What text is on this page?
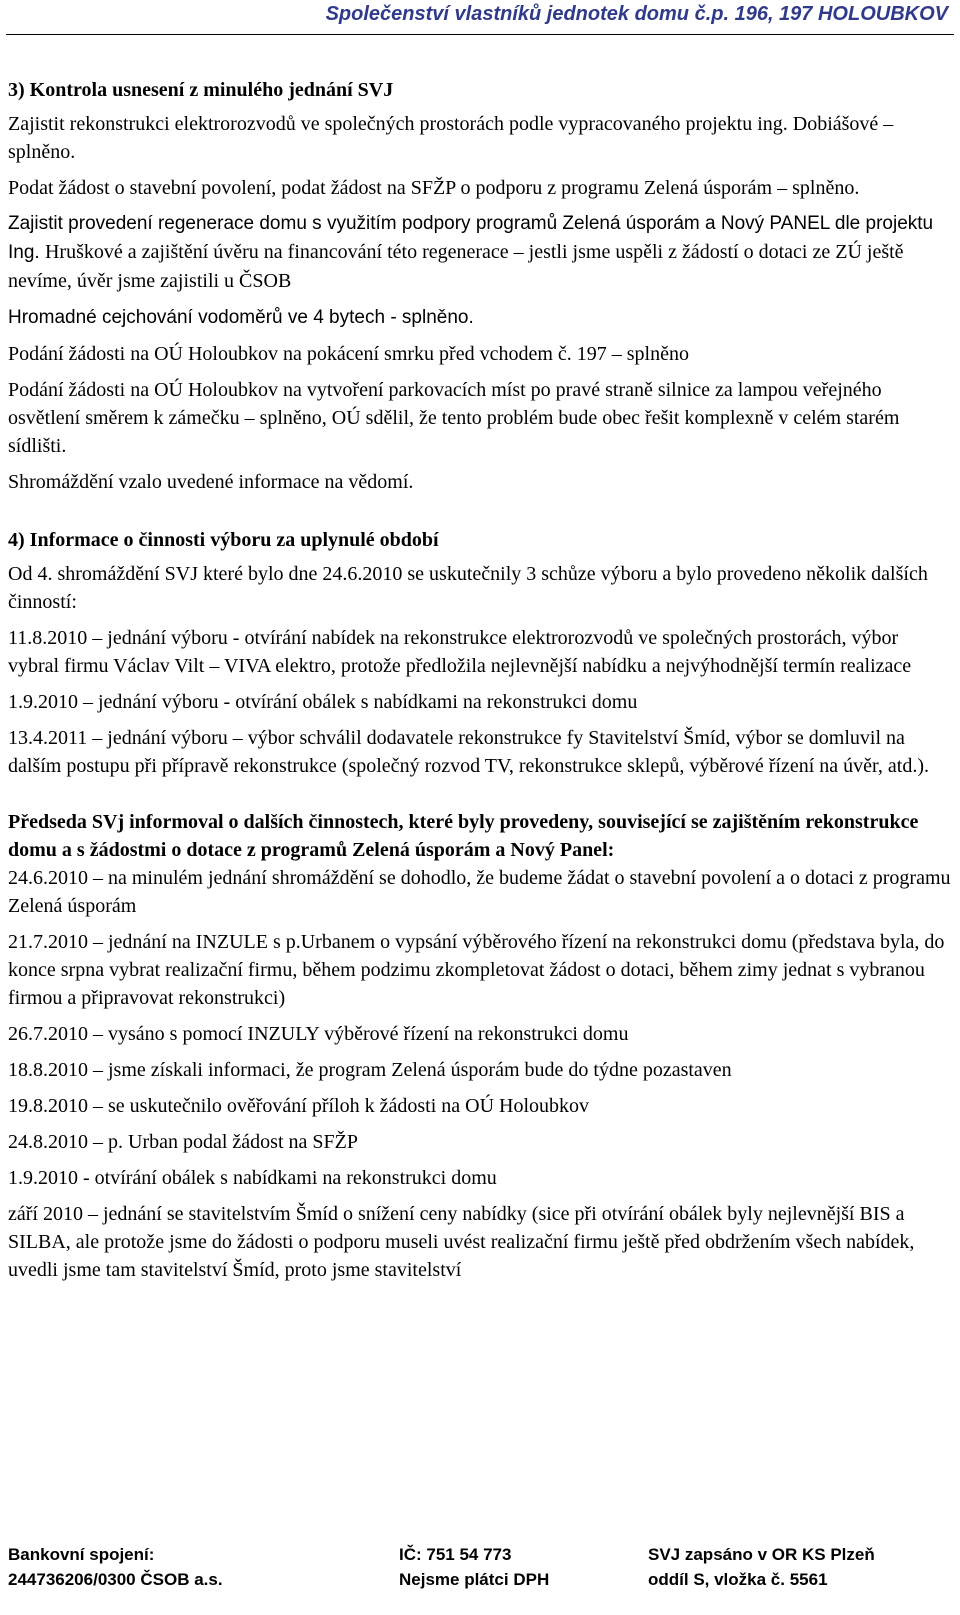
Společenství vlastníků jednotek domu č.p. 196, 197 HOLOUBKOV
3) Kontrola usnesení z minulého jednání SVJ

Zajistit rekonstrukci elektrorozvodů ve společných prostorách podle vypracovaného projektu ing. Dobiášové – splněno.

Podat žádost o stavební povolení, podat žádost na SFŽP o podporu z programu Zelená úsporám – splněno.

Zajistit provedení regenerace domu s využitím podpory programů Zelená úsporám a Nový PANEL dle projektu Ing. Hruškové a zajištění úvěru na financování této regenerace – jestli jsme uspěli z žádostí o dotaci ze ZÚ ještě nevíme, úvěr jsme zajistili u ČSOB

Hromadné cejchování vodoměrů ve 4 bytech - splněno.

Podání žádosti na OÚ Holoubkov na pokácení smrku před vchodem č. 197 – splněno

Podání žádosti na OÚ Holoubkov na vytvoření parkovacích míst po pravé straně silnice za lampou veřejného osvětlení směrem k zámečku – splněno, OÚ sdělil, že tento problém bude obec řešit komplexně v celém starém sídlišti.

Shromáždění vzalo uvedené informace na vědomí.

4) Informace o činnosti výboru za uplynulé období

Od 4. shromáždění SVJ které bylo dne 24.6.2010 se uskutečnily 3 schůze výboru a bylo provedeno několik dalších činností:

11.8.2010 – jednání výboru - otvírání nabídek na rekonstrukce elektrorozvodů ve společných prostorách, výbor vybral firmu Václav Vilt – VIVA elektro, protože předložila nejlevnější nabídku a nejvýhodnější termín realizace

1.9.2010 – jednání výboru - otvírání obálek s nabídkami na rekonstrukci domu

13.4.2011 – jednání výboru – výbor schválil dodavatele rekonstrukce fy Stavitelství Šmíd, výbor se domluvil na dalším postupu při přípravě rekonstrukce (společný rozvod TV, rekonstrukce sklepů, výběrové řízení na úvěr, atd.).

Předseda SVj informoval o dalších činnostech, které byly provedeny, související se zajištěním rekonstrukce domu a s žádostmi o dotace z programů Zelená úsporám a Nový Panel:

24.6.2010 – na minulém jednání shromáždění se dohodlo, že budeme žádat o stavební povolení a o dotaci z programu Zelená úsporám

21.7.2010 – jednání na INZULE s p.Urbanem o vypsání výběrového řízení na rekonstrukci domu (představa byla, do konce srpna vybrat realizační firmu, během podzimu zkompletovat žádost o dotaci, během zimy jednat s vybranou firmou a připravovat rekonstrukci)

26.7.2010 – vysáno s pomocí INZULY výběrové řízení na rekonstrukci domu

18.8.2010 – jsme získali informaci, že program Zelená úsporám bude do týdne pozastaven

19.8.2010 – se uskutečnilo ověřování příloh k žádosti na OÚ Holoubkov

24.8.2010 – p. Urban podal žádost na SFŽP

1.9.2010 - otvírání obálek s nabídkami na rekonstrukci domu

září 2010 – jednání se stavitelstvím Šmíd o snížení ceny nabídky (sice při otvírání obálek byly nejlevnější BIS a SILBA, ale protože jsme do žádosti o podporu museli uvést realizační firmu ještě před obdržením všech nabídek, uvedli jsme tam stavitelství Šmíd, proto jsme stavitelství

Bankovní spojení:
244736206/0300 ČSOB a.s.
IČ: 751 54 773
Nejsme plátci DPH
SVJ zapsáno v OR KS Plzeň
oddíl S, vložka č. 5561
